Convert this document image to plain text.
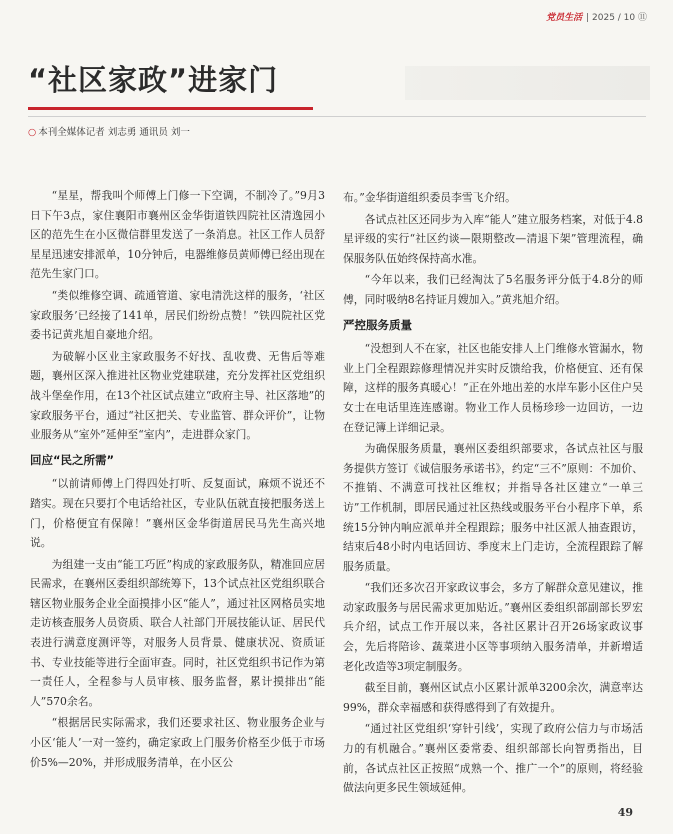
党员生活 | 2025 / 10 ⑪
“社区家政”进家门
○ 本刊全媒体记者 刘志勇 通讯员 刘一

“星星，帮我叫个师傅上门修一下空调，不制冷了。”9月3日下午3点，家住襄阳市襄州区金华街道铁四院社区清逸园小区的范先生在小区微信群里发送了一条消息。社区工作人员舒星星迅速安排派单，10分钟后，电器维修员黄师傅已经出现在范先生家门口。

“类似维修空调、疏通管道、家电清洗这样的服务，‘社区家政服务’已经接了141单，居民们纷纷点赞！”铁四院社区党委书记黄兆旭自豪地介绍。

为破解小区业主家政服务不好找、乱收费、无售后等难题，襄州区深入推进社区物业党建联建，充分发挥社区党组织战斗堡垒作用，在13个社区试点建立“政府主导、社区落地”的家政服务平台，通过“社区把关、专业监管、群众评价”，让物业服务从“室外”延伸至“室内”，走进群众家门。

回应“民之所需”

“以前请师傅上门得四处打听、反复面试，麻烦不说还不踏实。现在只要打个电话给社区，专业队伍就直接把服务送上门，价格便宜有保障！”襄州区金华街道居民马先生高兴地说。

为组建一支由“能工巧匠”构成的家政服务队，精准回应居民需求，在襄州区委组织部统筹下，13个试点社区党组织联合辖区物业服务企业全面摸排小区“能人”，通过社区网格员实地走访核查服务人员资质、联合人社部门开展技能认证、居民代表进行满意度测评等，对服务人员背景、健康状况、资质证书、专业技能等进行全面审查。同时，社区党组织书记作为第一责任人，全程参与人员审核、服务监督，累计摸排出“能人”570余名。

“根据居民实际需求，我们还要求社区、物业服务企业与小区‘能人’一对一签约，确定家政上门服务价格至少低于市场价5%—20%，并形成服务清单，在小区公

布。”金华街道组织委员李雪飞介绍。

各试点社区还同步为入库“能人”建立服务档案，对低于4.8星评级的实行“社区约谈—限期整改—清退下架”管理流程，确保服务队伍始终保持高水准。

“今年以来，我们已经淘汰了5名服务评分低于4.8分的师傅，同时吸纳8名持证月嫂加入。”黄兆旭介绍。

严控服务质量

“没想到人不在家，社区也能安排人上门维修水管漏水，物业上门全程跟踪修理情况并实时反馈给我，价格便宜、还有保障，这样的服务真暖心！”正在外地出差的水岸车影小区住户吴女士在电话里连连感谢。物业工作人员杨珍珍一边回访，一边在登记簿上详细记录。

为确保服务质量，襄州区委组织部要求，各试点社区与服务提供方签订《诚信服务承诺书》，约定“三不”原则：不加价、不推销、不满意可找社区维权；并指导各社区建立“一单三访”工作机制，即居民通过社区热线或服务平台小程序下单，系统15分钟内响应派单并全程跟踪；服务中社区派人抽查跟访，结束后48小时内电话回访、季度末上门走访，全流程跟踪了解服务质量。

“我们还多次召开家政议事会，多方了解群众意见建议，推动家政服务与居民需求更加贴近。”襄州区委组织部副部长罗宏兵介绍，试点工作开展以来，各社区累计召开26场家政议事会，先后将陪诊、蔬菜进小区等事项纳入服务清单，并新增适老化改造等3项定制服务。

截至目前，襄州区试点小区累计派单3200余次，满意率达99%，群众幸福感和获得感得到了有效提升。

“通过社区党组织‘穿针引线’，实现了政府公信力与市场活力的有机融合。”襄州区委常委、组织部部长向智勇指出，目前，各试点社区正按照“成熟一个、推广一个”的原则，将经验做法向更多民生领域延伸。

49
